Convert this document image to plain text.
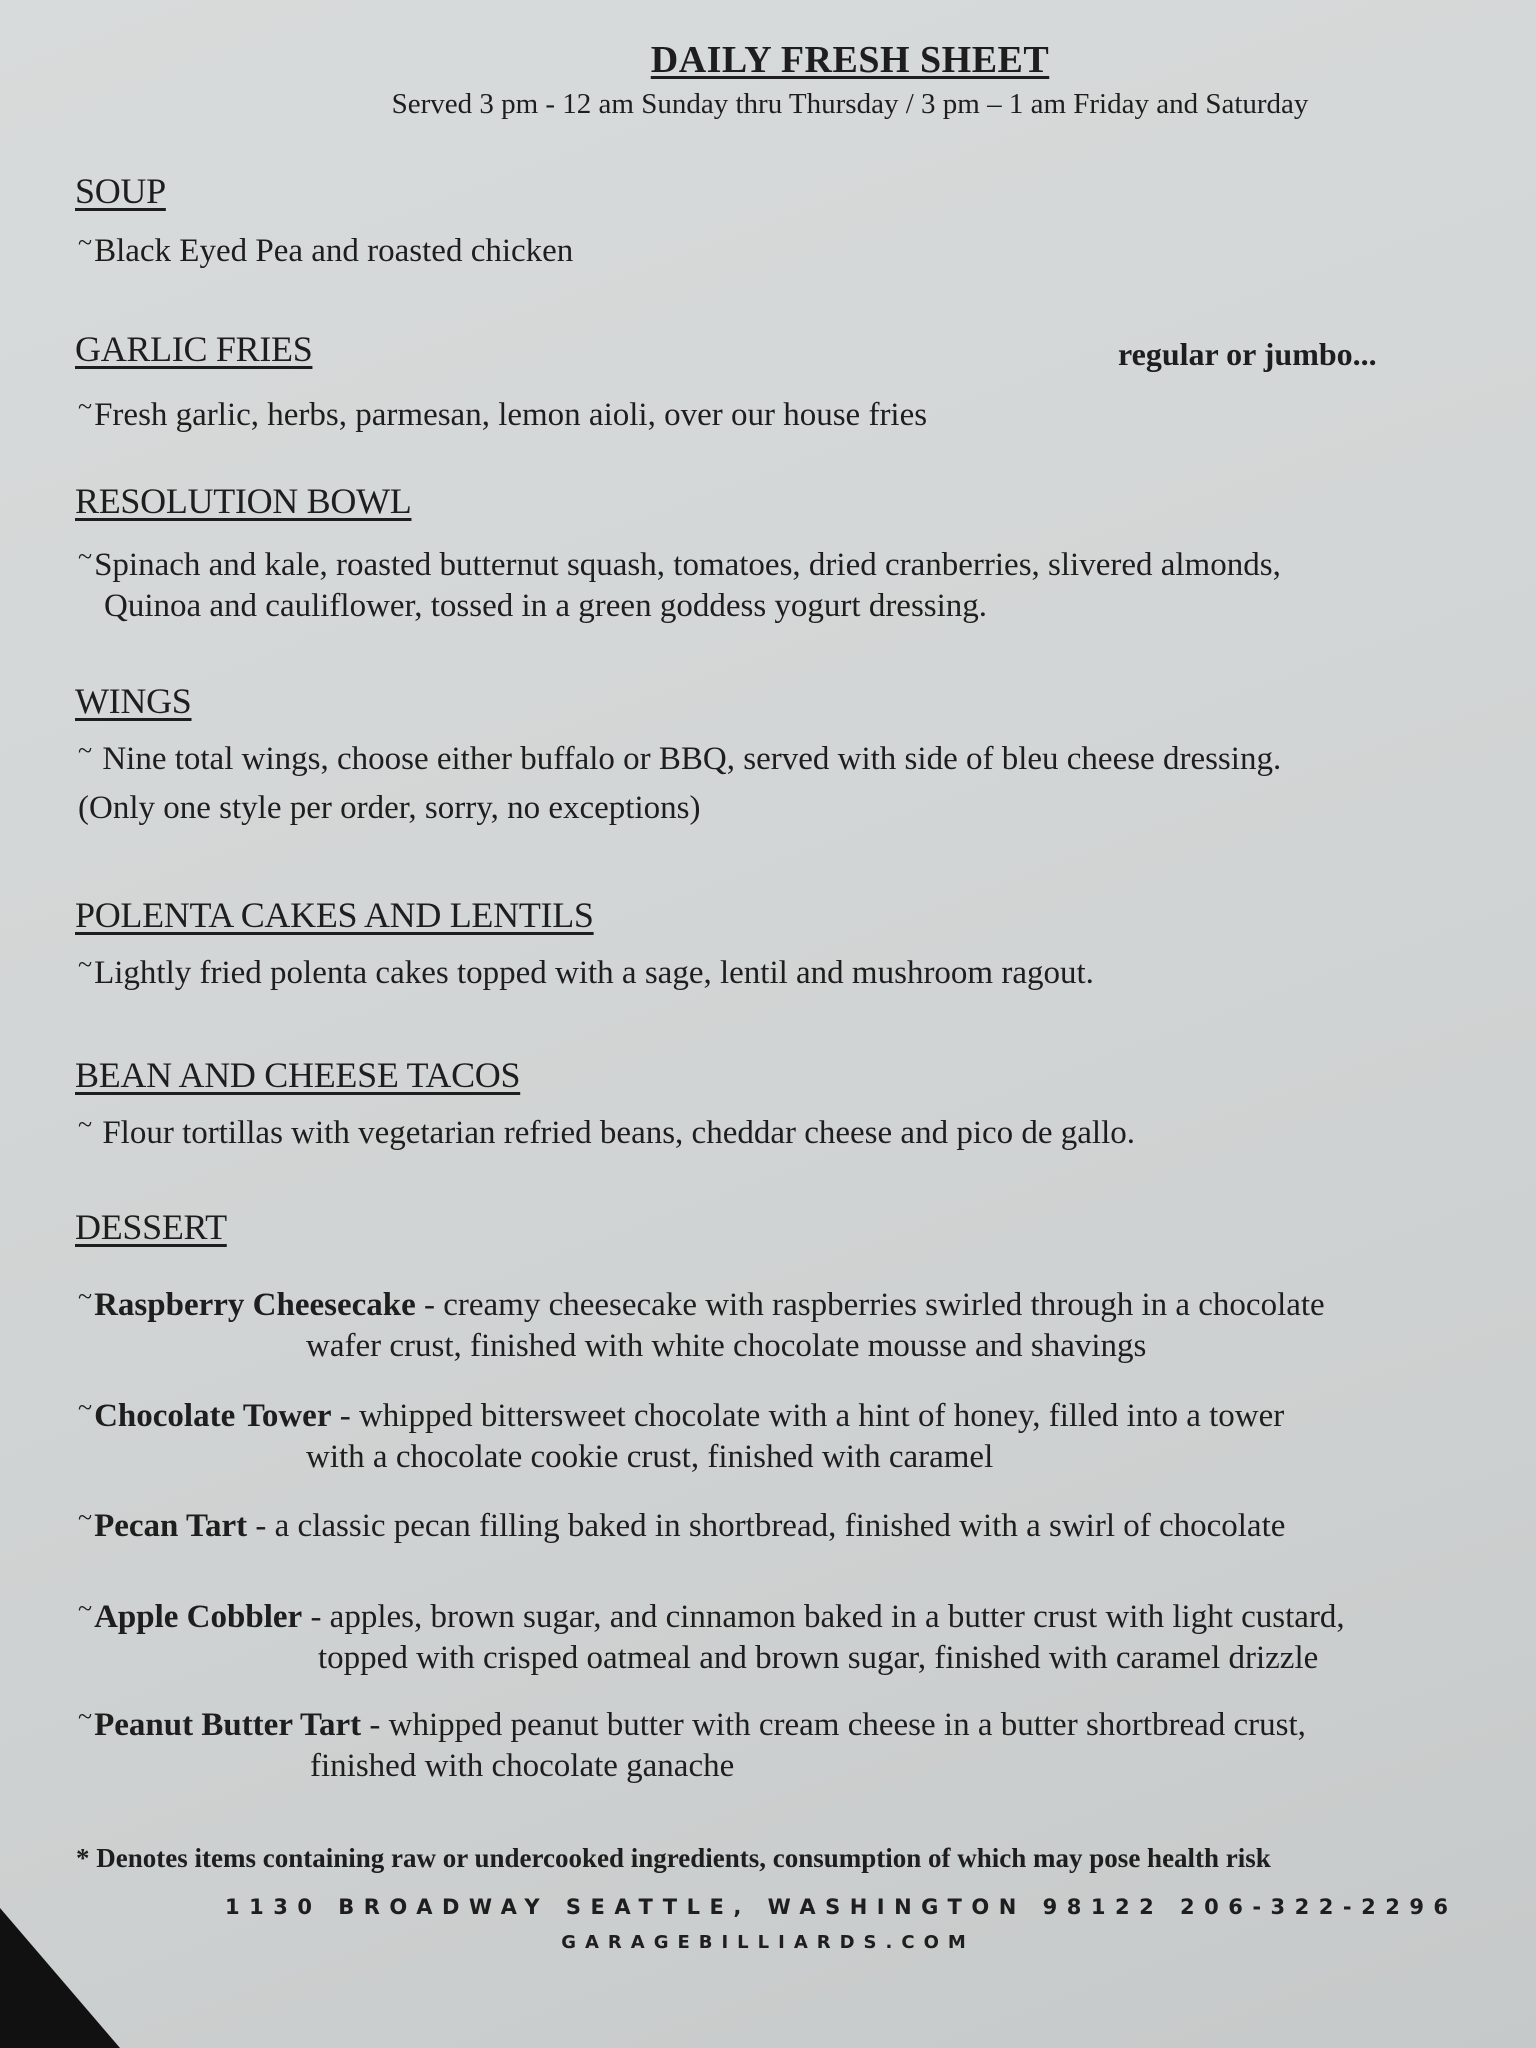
DAILY FRESH SHEET
Served 3 pm - 12 am Sunday thru Thursday / 3 pm – 1 am Friday and Saturday
SOUP
~Black Eyed Pea and roasted chicken
GARLIC FRIES	regular or jumbo...
~Fresh garlic, herbs, parmesan, lemon aioli, over our house fries
RESOLUTION BOWL
~Spinach and kale, roasted butternut squash, tomatoes, dried cranberries, slivered almonds,
Quinoa and cauliflower, tossed in a green goddess yogurt dressing.
WINGS
~ Nine total wings, choose either buffalo or BBQ, served with side of bleu cheese dressing.
(Only one style per order, sorry, no exceptions)
POLENTA CAKES AND LENTILS
~Lightly fried polenta cakes topped with a sage, lentil and mushroom ragout.
BEAN AND CHEESE TACOS
~ Flour tortillas with vegetarian refried beans, cheddar cheese and pico de gallo.
DESSERT
~Raspberry Cheesecake - creamy cheesecake with raspberries swirled through in a chocolate
wafer crust, finished with white chocolate mousse and shavings
~Chocolate Tower - whipped bittersweet chocolate with a hint of honey, filled into a tower
with a chocolate cookie crust, finished with caramel
~Pecan Tart - a classic pecan filling baked in shortbread, finished with a swirl of chocolate
~Apple Cobbler - apples, brown sugar, and cinnamon baked in a butter crust with light custard,
topped with crisped oatmeal and brown sugar, finished with caramel drizzle
~Peanut Butter Tart - whipped peanut butter with cream cheese in a butter shortbread crust,
finished with chocolate ganache
* Denotes items containing raw or undercooked ingredients, consumption of which may pose health risk
1130 BROADWAY SEATTLE, WASHINGTON 98122 206-322-2296
GARAGEBILLIARDS.COM
